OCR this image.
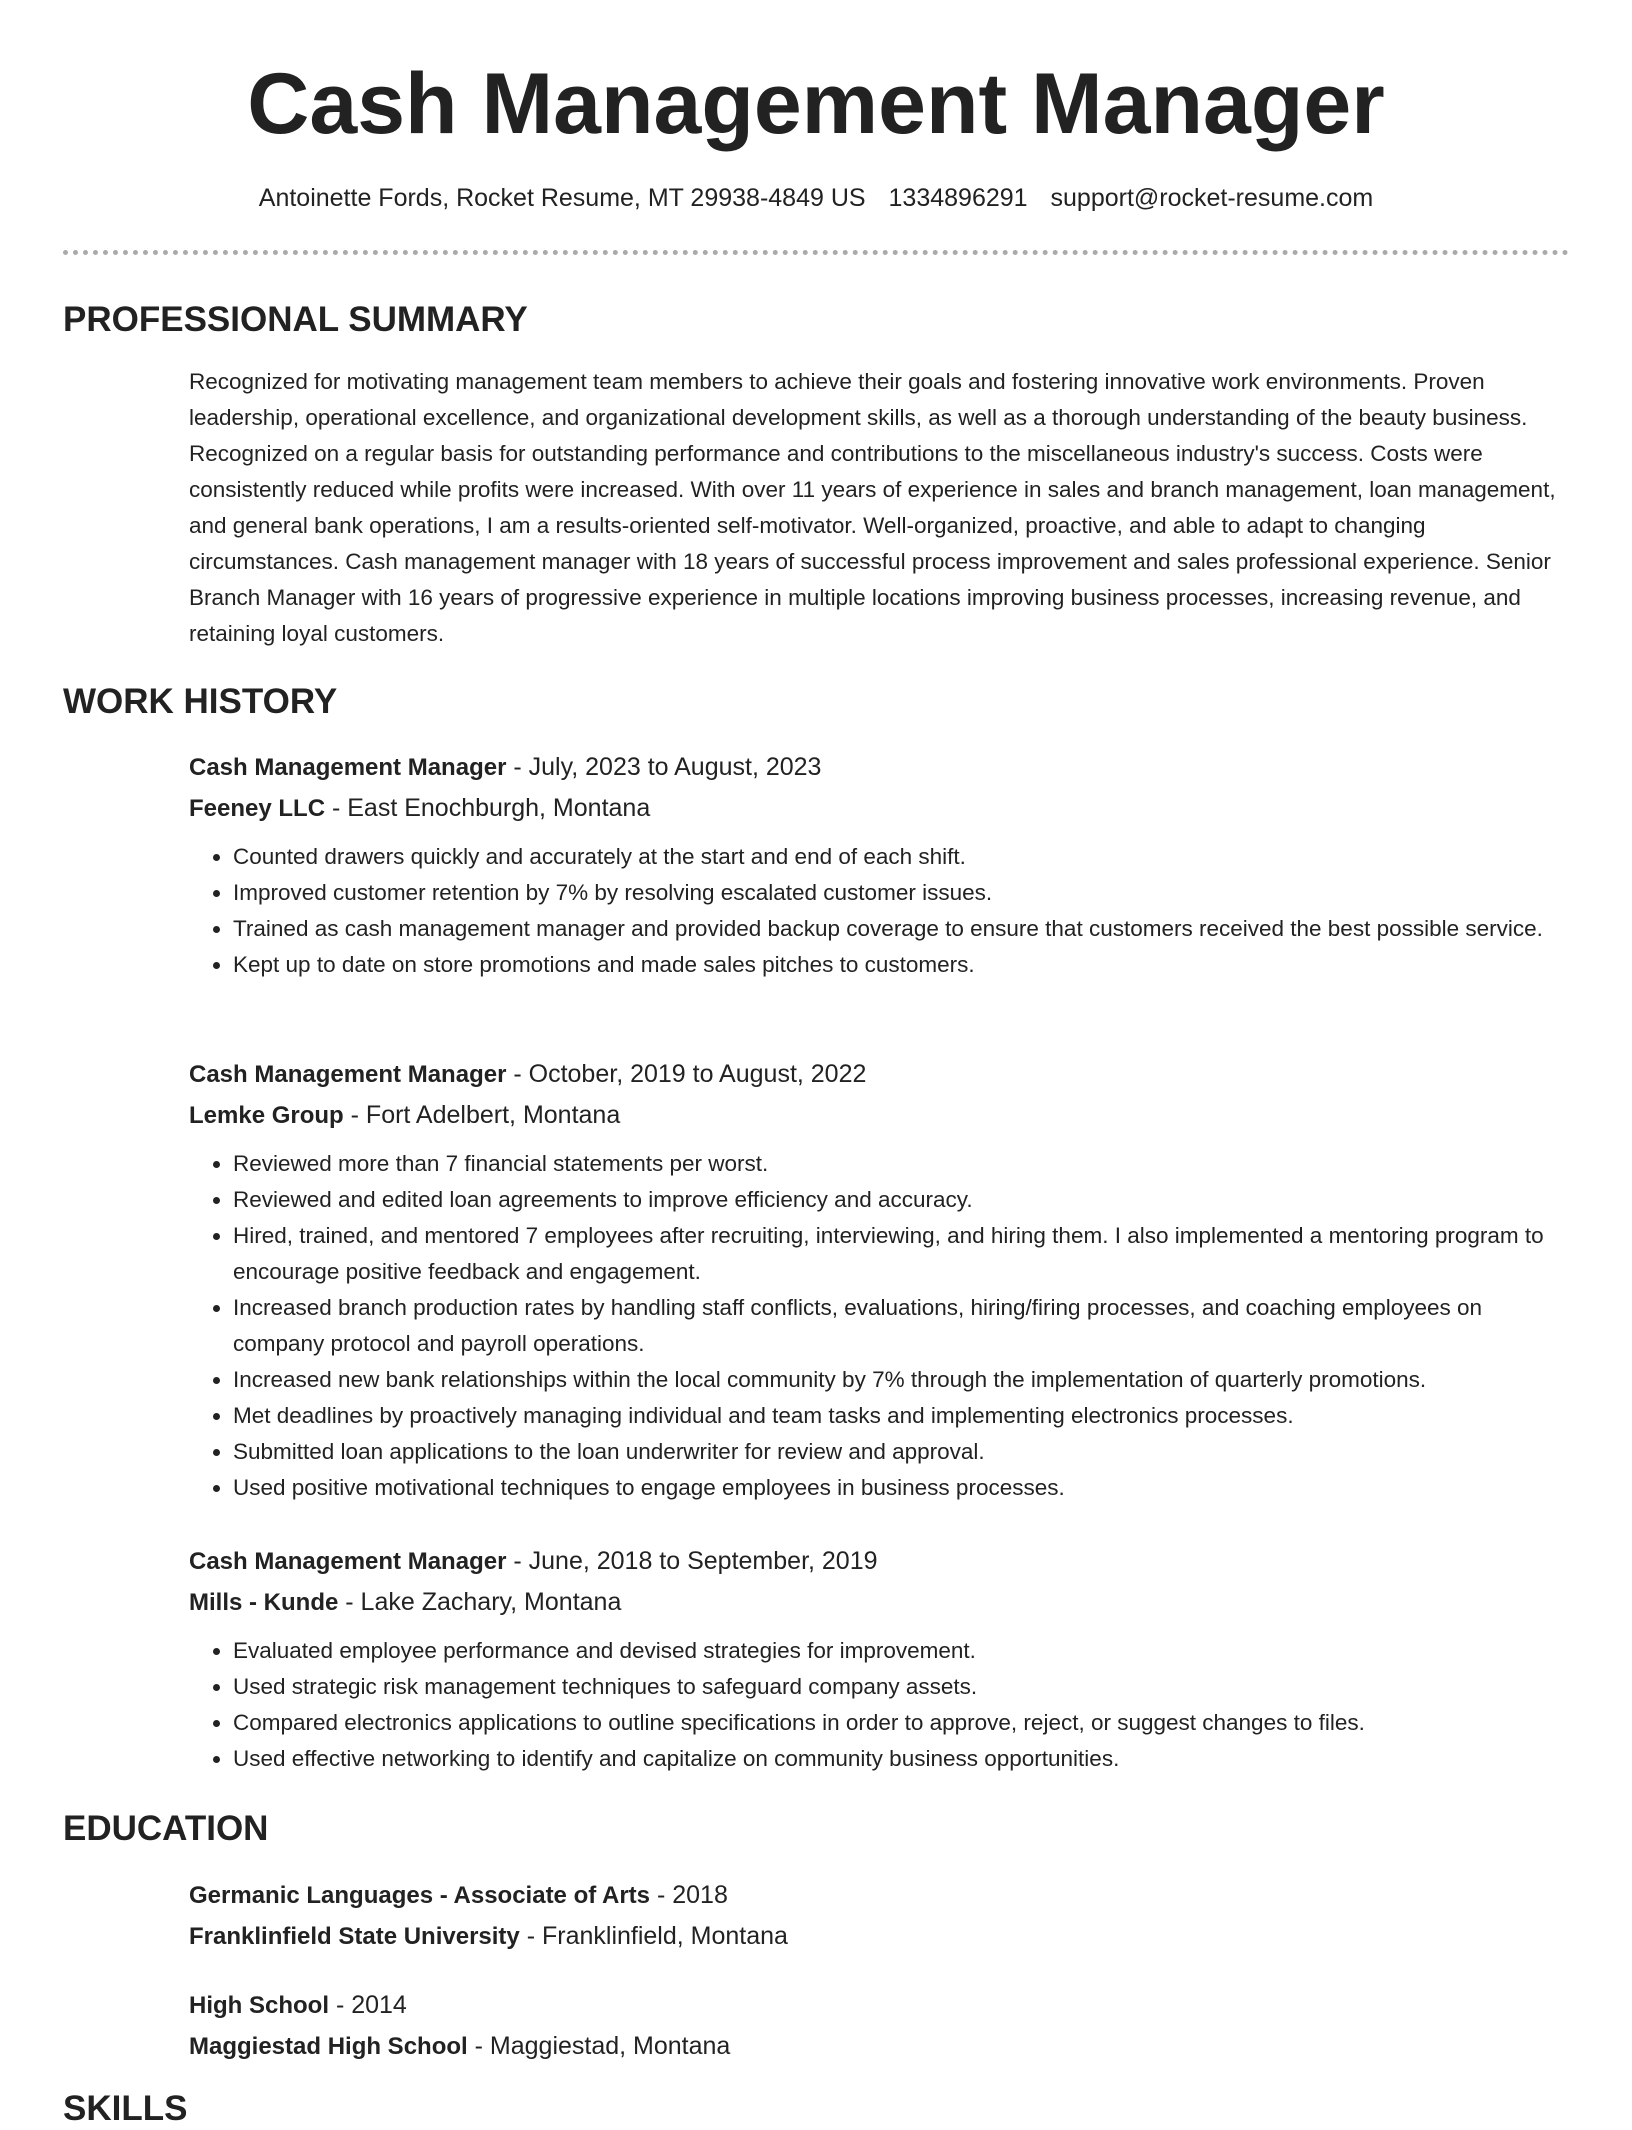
Cash Management Manager
Antoinette Fords, Rocket Resume, MT 29938-4849 US 1334896291 support@rocket-resume.com
PROFESSIONAL SUMMARY

Recognized for motivating management team members to achieve their goals and fostering innovative work environments. Proven leadership, operational excellence, and organizational development skills, as well as a thorough understanding of the beauty business. Recognized on a regular basis for outstanding performance and contributions to the miscellaneous industry's success. Costs were consistently reduced while profits were increased. With over 11 years of experience in sales and branch management, loan management, and general bank operations, I am a results-oriented self-motivator. Well-organized, proactive, and able to adapt to changing circumstances. Cash management manager with 18 years of successful process improvement and sales professional experience. Senior Branch Manager with 16 years of progressive experience in multiple locations improving business processes, increasing revenue, and retaining loyal customers.

WORK HISTORY

Cash Management Manager - July, 2023 to August, 2023

Feeney LLC - East Enochburgh, Montana

• Counted drawers quickly and accurately at the start and end of each shift.
• Improved customer retention by 7% by resolving escalated customer issues.
• Trained as cash management manager and provided backup coverage to ensure that customers received the best possible service.
• Kept up to date on store promotions and made sales pitches to customers.

Cash Management Manager - October, 2019 to August, 2022

Lemke Group - Fort Adelbert, Montana

• Reviewed more than 7 financial statements per worst.
• Reviewed and edited loan agreements to improve efficiency and accuracy.
• Hired, trained, and mentored 7 employees after recruiting, interviewing, and hiring them. I also implemented a mentoring program to encourage positive feedback and engagement.
• Increased branch production rates by handling staff conflicts, evaluations, hiring/firing processes, and coaching employees on company protocol and payroll operations.
• Increased new bank relationships within the local community by 7% through the implementation of quarterly promotions.
• Met deadlines by proactively managing individual and team tasks and implementing electronics processes.
• Submitted loan applications to the loan underwriter for review and approval.
• Used positive motivational techniques to engage employees in business processes.

Cash Management Manager - June, 2018 to September, 2019

Mills - Kunde - Lake Zachary, Montana

• Evaluated employee performance and devised strategies for improvement.
• Used strategic risk management techniques to safeguard company assets.
• Compared electronics applications to outline specifications in order to approve, reject, or suggest changes to files.
• Used effective networking to identify and capitalize on community business opportunities.
EDUCATION

Germanic Languages - Associate of Arts - 2018

Franklinfield State University - Franklinfield, Montana

High School - 2014

Maggiestad High School - Maggiestad, Montana

SKILLS
